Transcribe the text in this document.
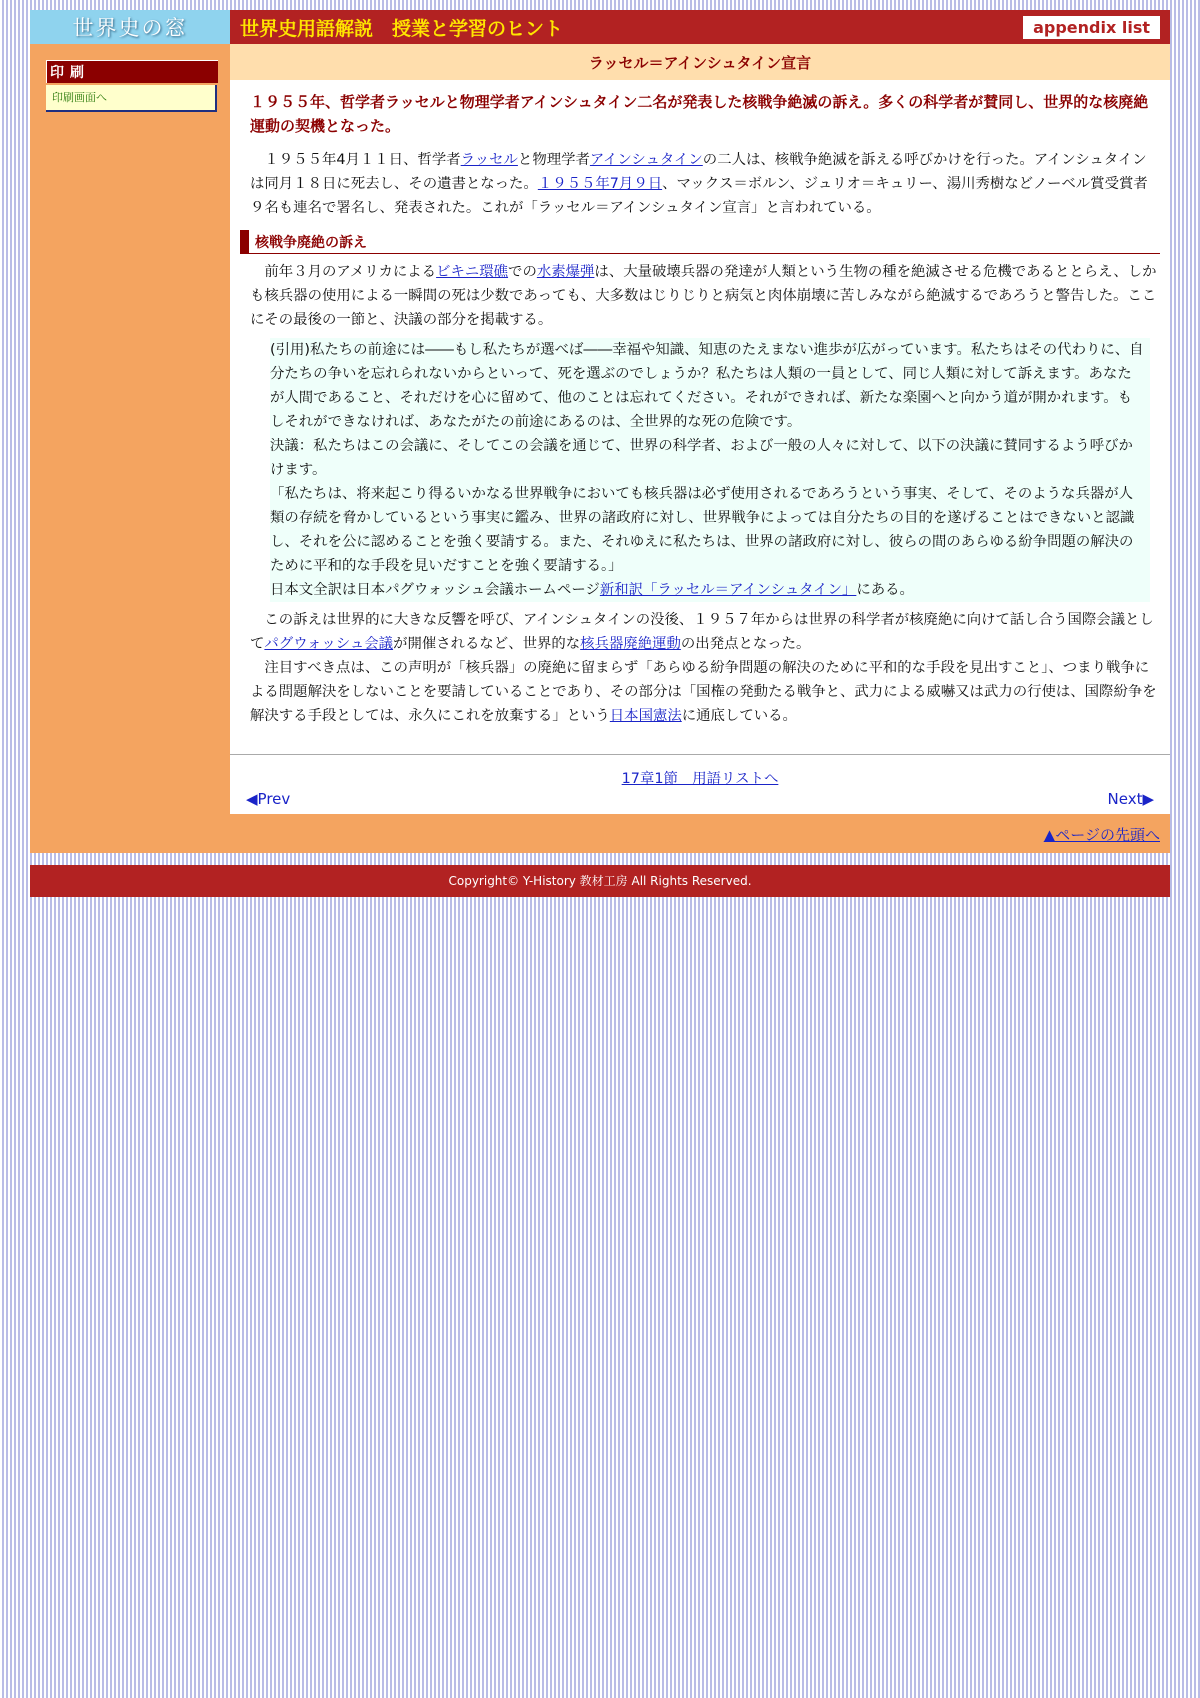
世界史の窓	世界史用語解説　授業と学習のヒント	appendix list
印刷
印刷画面へ
ラッセル＝アインシュタイン宣言

１９５５年、哲学者ラッセルと物理学者アインシュタイン二名が発表した核戦争絶滅の訴え。多くの科学者が賛同し、世界的な核廃絶運動の契機となった。

１９５５年4月１１日、哲学者ラッセルと物理学者アインシュタインの二人は、核戦争絶滅を訴える呼びかけを行った。アインシュタインは同月１８日に死去し、その遺書となった。１９５５年7月９日、マックス＝ボルン、ジュリオ＝キュリー、湯川秀樹などノーベル賞受賞者９名も連名で署名し、発表された。これが「ラッセル＝アインシュタイン宣言」と言われている。

核戦争廃絶の訴え

前年３月のアメリカによるビキニ環礁での水素爆弾は、大量破壊兵器の発達が人類という生物の種を絶滅させる危機であるととらえ、しかも核兵器の使用による一瞬間の死は少数であっても、大多数はじりじりと病気と肉体崩壊に苦しみながら絶滅するであろうと警告した。ここにその最後の一節と、決議の部分を掲載する。

(引用)私たちの前途には――もし私たちが選べば――幸福や知識、知恵のたえまない進歩が広がっています。私たちはその代わりに、自分たちの争いを忘れられないからといって、死を選ぶのでしょうか？私たちは人類の一員として、同じ人類に対して訴えます。あなたが人間であること、それだけを心に留めて、他のことは忘れてください。それができれば、新たな楽園へと向かう道が開かれます。もしそれができなければ、あなたがたの前途にあるのは、全世界的な死の危険です。

決議：私たちはこの会議に、そしてこの会議を通じて、世界の科学者、および一般の人々に対して、以下の決議に賛同するよう呼びかけます。

「私たちは、将来起こり得るいかなる世界戦争においても核兵器は必ず使用されるであろうという事実、そして、そのような兵器が人類の存続を脅かしているという事実に鑑み、世界の諸政府に対し、世界戦争によっては自分たちの目的を遂げることはできないと認識し、それを公に認めることを強く要請する。また、それゆえに私たちは、世界の諸政府に対し、彼らの間のあらゆる紛争問題の解決のために平和的な手段を見いだすことを強く要請する。」

日本文全訳は日本パグウォッシュ会議ホームページ新和訳「ラッセル＝アインシュタイン」にある。

この訴えは世界的に大きな反響を呼び、アインシュタインの没後、１９５７年からは世界の科学者が核廃絶に向けて話し合う国際会議としてパグウォッシュ会議が開催されるなど、世界的な核兵器廃絶運動の出発点となった。

注目すべき点は、この声明が「核兵器」の廃絶に留まらず「あらゆる紛争問題の解決のために平和的な手段を見出すこと」、つまり戦争による問題解決をしないことを要請していることであり、その部分は「国権の発動たる戦争と、武力による威嚇又は武力の行使は、国際紛争を解決する手段としては、永久にこれを放棄する」という日本国憲法に通底している。

17章1節　用語リストへ
◀Prev	Next▶
▲ページの先頭へ
Copyright© Y-History 教材工房 All Rights Reserved.
